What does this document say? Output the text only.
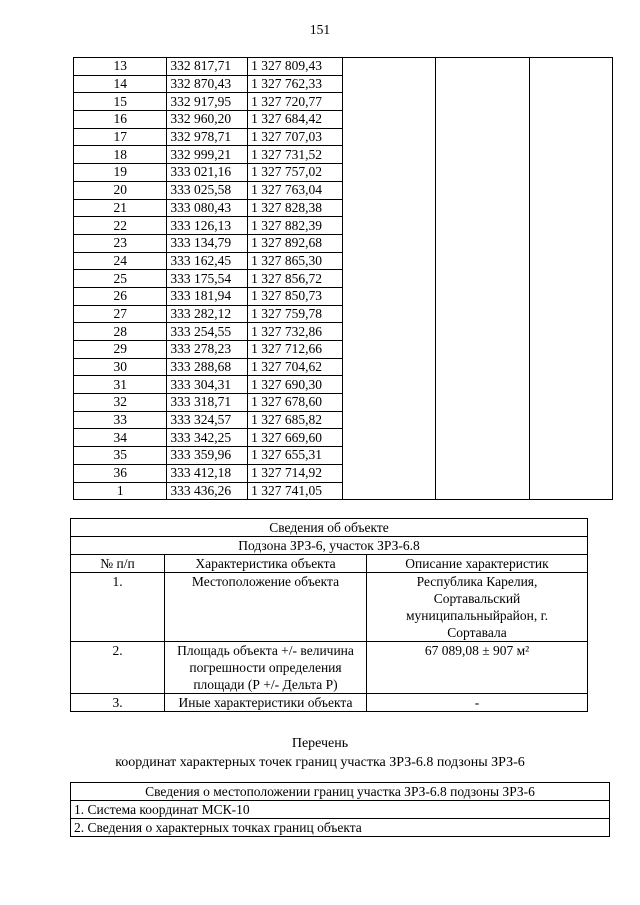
151
13	332 817,71	1 327 809,43			
14	332 870,43	1 327 762,33			
15	332 917,95	1 327 720,77			
16	332 960,20	1 327 684,42			
17	332 978,71	1 327 707,03			
18	332 999,21	1 327 731,52			
19	333 021,16	1 327 757,02			
20	333 025,58	1 327 763,04			
21	333 080,43	1 327 828,38			
22	333 126,13	1 327 882,39			
23	333 134,79	1 327 892,68			
24	333 162,45	1 327 865,30			
25	333 175,54	1 327 856,72			
26	333 181,94	1 327 850,73			
27	333 282,12	1 327 759,78			
28	333 254,55	1 327 732,86			
29	333 278,23	1 327 712,66			
30	333 288,68	1 327 704,62			
31	333 304,31	1 327 690,30			
32	333 318,71	1 327 678,60			
33	333 324,57	1 327 685,82			
34	333 342,25	1 327 669,60			
35	333 359,96	1 327 655,31			
36	333 412,18	1 327 714,92			
1	333 436,26	1 327 741,05			
Сведения об объекте		
Подзона ЗРЗ-6, участок ЗРЗ-6.8		
№ п/п	Характеристика объекта	Описание характеристик
1.	Местоположение объекта	Республика Карелия, Сортавальский муниципальныйрайон, г. Сортавала
2.	Площадь объекта +/- величина погрешности определения площади (Р +/- Дельта Р)	67 089,08 ± 907 м²
3.	Иные характеристики объекта	-
Перечень
координат характерных точек границ участка ЗРЗ-6.8 подзоны ЗРЗ-6
Сведения о местоположении границ участка ЗРЗ-6.8 подзоны ЗРЗ-6
1. Система координат МСК-10
2. Сведения о характерных точках границ объекта
